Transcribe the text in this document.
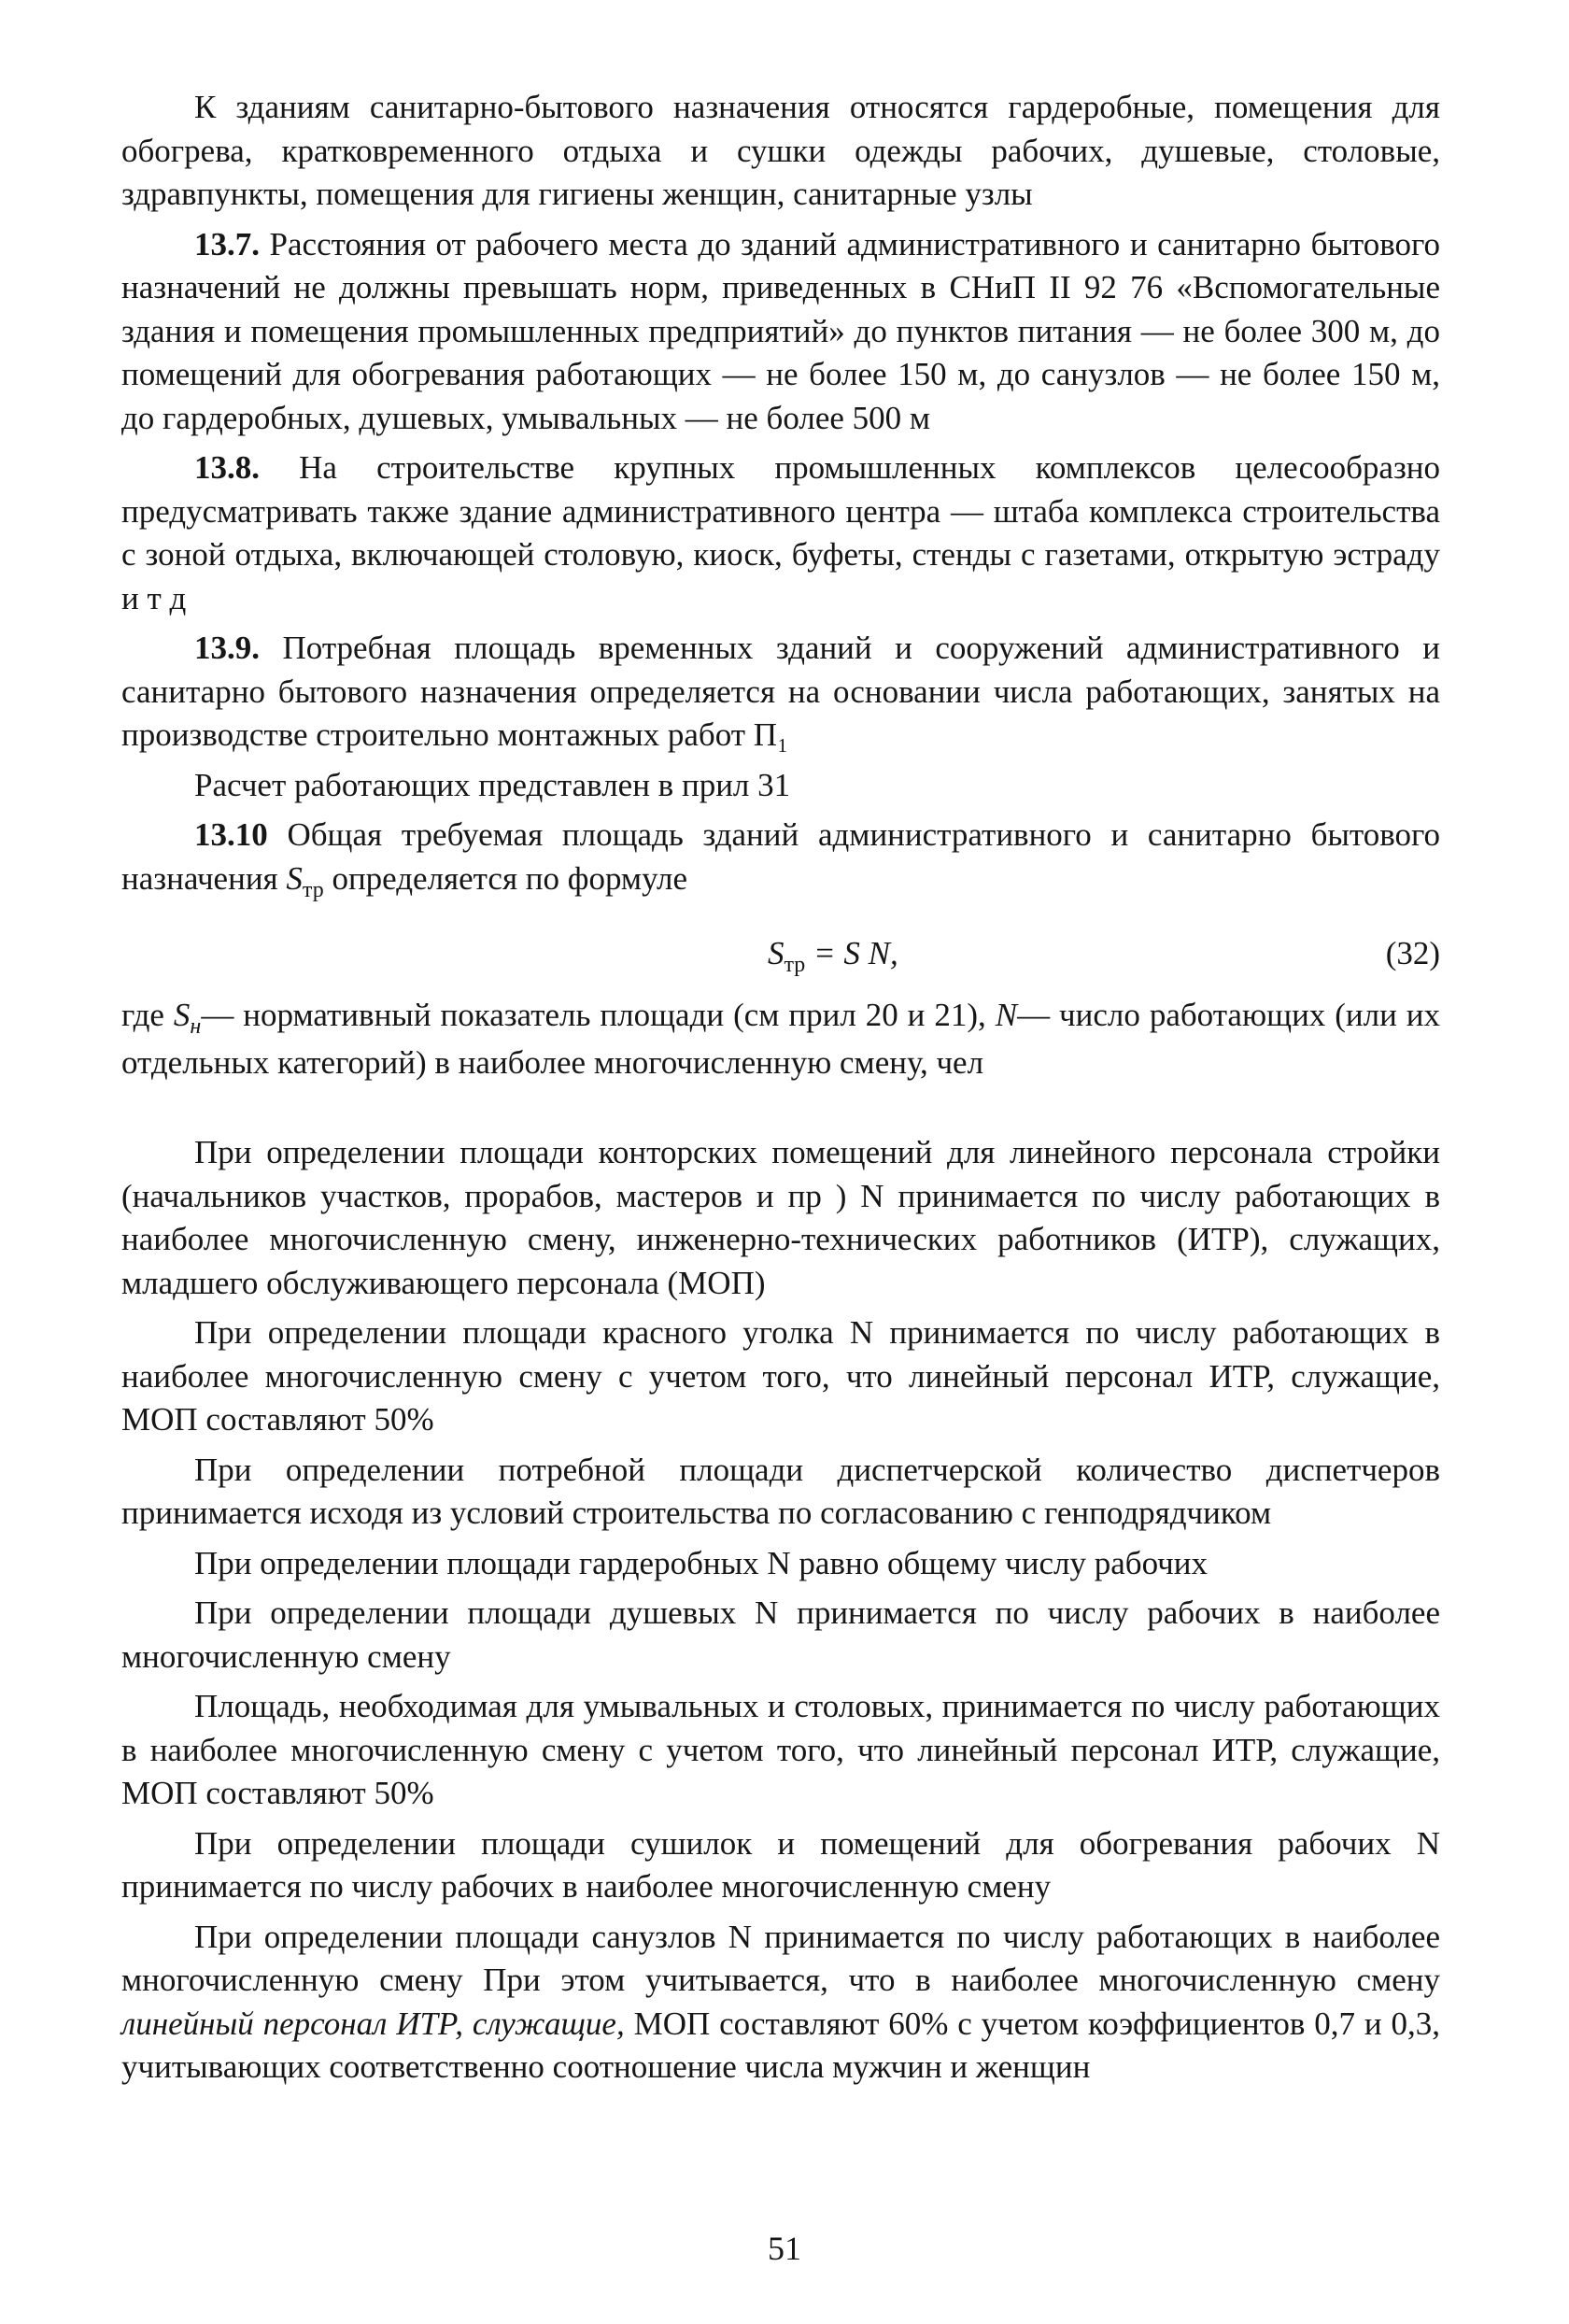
К зданиям санитарно-бытового назначения относятся гардеробные, помещения для обогрева, кратковременного отдыха и сушки одежды рабочих, душевые, столовые, здравпункты, помещения для гигиены женщин, санитарные узлы

13.7. Расстояния от рабочего места до зданий административного и санитарно бытового назначений не должны превышать норм, приведенных в СНиП II 92 76 «Вспомогательные здания и помещения промышленных предприятий» до пунктов питания — не более 300 м, до помещений для обогревания работающих — не более 150 м, до санузлов — не более 150 м, до гардеробных, душевых, умывальных — не более 500 м

13.8. На строительстве крупных промышленных комплексов целесообразно предусматривать также здание административного центра — штаба комплекса строительства с зоной отдыха, включающей столовую, киоск, буфеты, стенды с газетами, открытую эстраду и т д

13.9. Потребная площадь временных зданий и сооружений административного и санитарно бытового назначения определяется на основании числа работающих, занятых на производстве строительно монтажных работ П₁

Расчет работающих представлен в прил 31

13.10 Общая требуемая площадь зданий административного и санитарно бытового назначения $S_{тр}$ определяется по формуле

$S_{тр} = S$ N,	(32)

где $S_н—$ нормативный показатель площади (см прил 20 и 21), N— число работающих (или их отдельных категорий) в наиболее многочисленную смену, чел

При определении площади конторских помещений для линейного персонала стройки (начальников участков, прорабов, мастеров и пр ) N принимается по числу работающих в наиболее многочисленную смену, инженерно-технических работников (ИТР), служащих, младшего обслуживающего персонала (МОП)

При определении площади красного уголка N принимается по числу работающих в наиболее многочисленную смену с учетом того, что линейный персонал ИТР, служащие, МОП составляют 50%

При определении потребной площади диспетчерской количество диспетчеров принимается исходя из условий строительства по согласованию с генподрядчиком

При определении площади гардеробных N равно общему числу рабочих

При определении площади душевых N принимается по числу рабочих в наиболее многочисленную смену

Площадь, необходимая для умывальных и столовых, принимается по числу работающих в наиболее многочисленную смену с учетом того, что линейный персонал ИТР, служащие, МОП составляют 50%

При определении площади сушилок и помещений для обогревания рабочих N принимается по числу рабочих в наиболее многочисленную смену

При определении площади санузлов N принимается по числу работающих в наиболее многочисленную смену При этом учитывается, что в наиболее многочисленную смену линейный персонал ИТР, служащие, МОП составляют 60% с учетом коэффициентов 0,7 и 0,3, учитывающих соответственно соотношение числа мужчин и женщин

51
